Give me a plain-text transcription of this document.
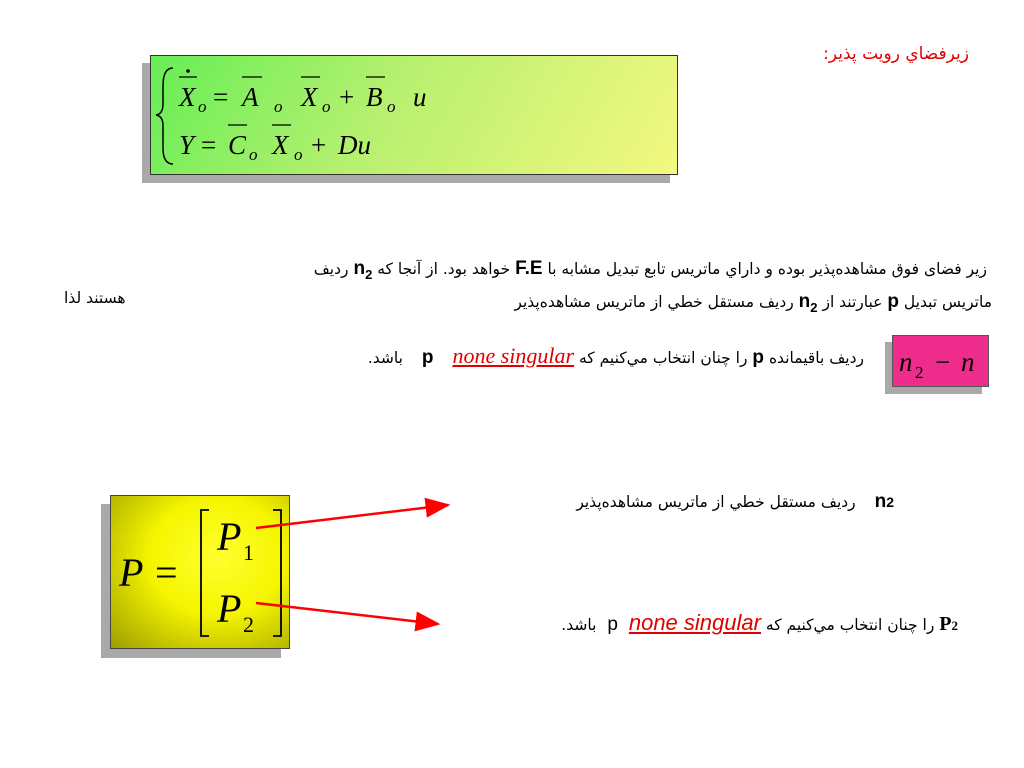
زيرفضاي رويت پذير:
X o = A o X o + B o u
Y = C o X o + Du
زير فضای فوق مشاهده‌پذير بوده و داراي ماتريس تابع تبديل مشابه با F.E خواهد بود. از آنجا كه $n_2$ رديف
هستند لذا	ماتريس تبديل p عبارتند از $n_2$ رديف مستقل خطي از ماتريس مشاهده‌پذير
رديف باقيمانده p را چنان انتخاب مي‌كنيم كه p none singular باشد.	n 2 − n
P =
P 1
P 2
n2 رديف مستقل خطي از ماتريس مشاهده‌پذير
P2 را چنان انتخاب مي‌كنيم كه p none singular باشد.
